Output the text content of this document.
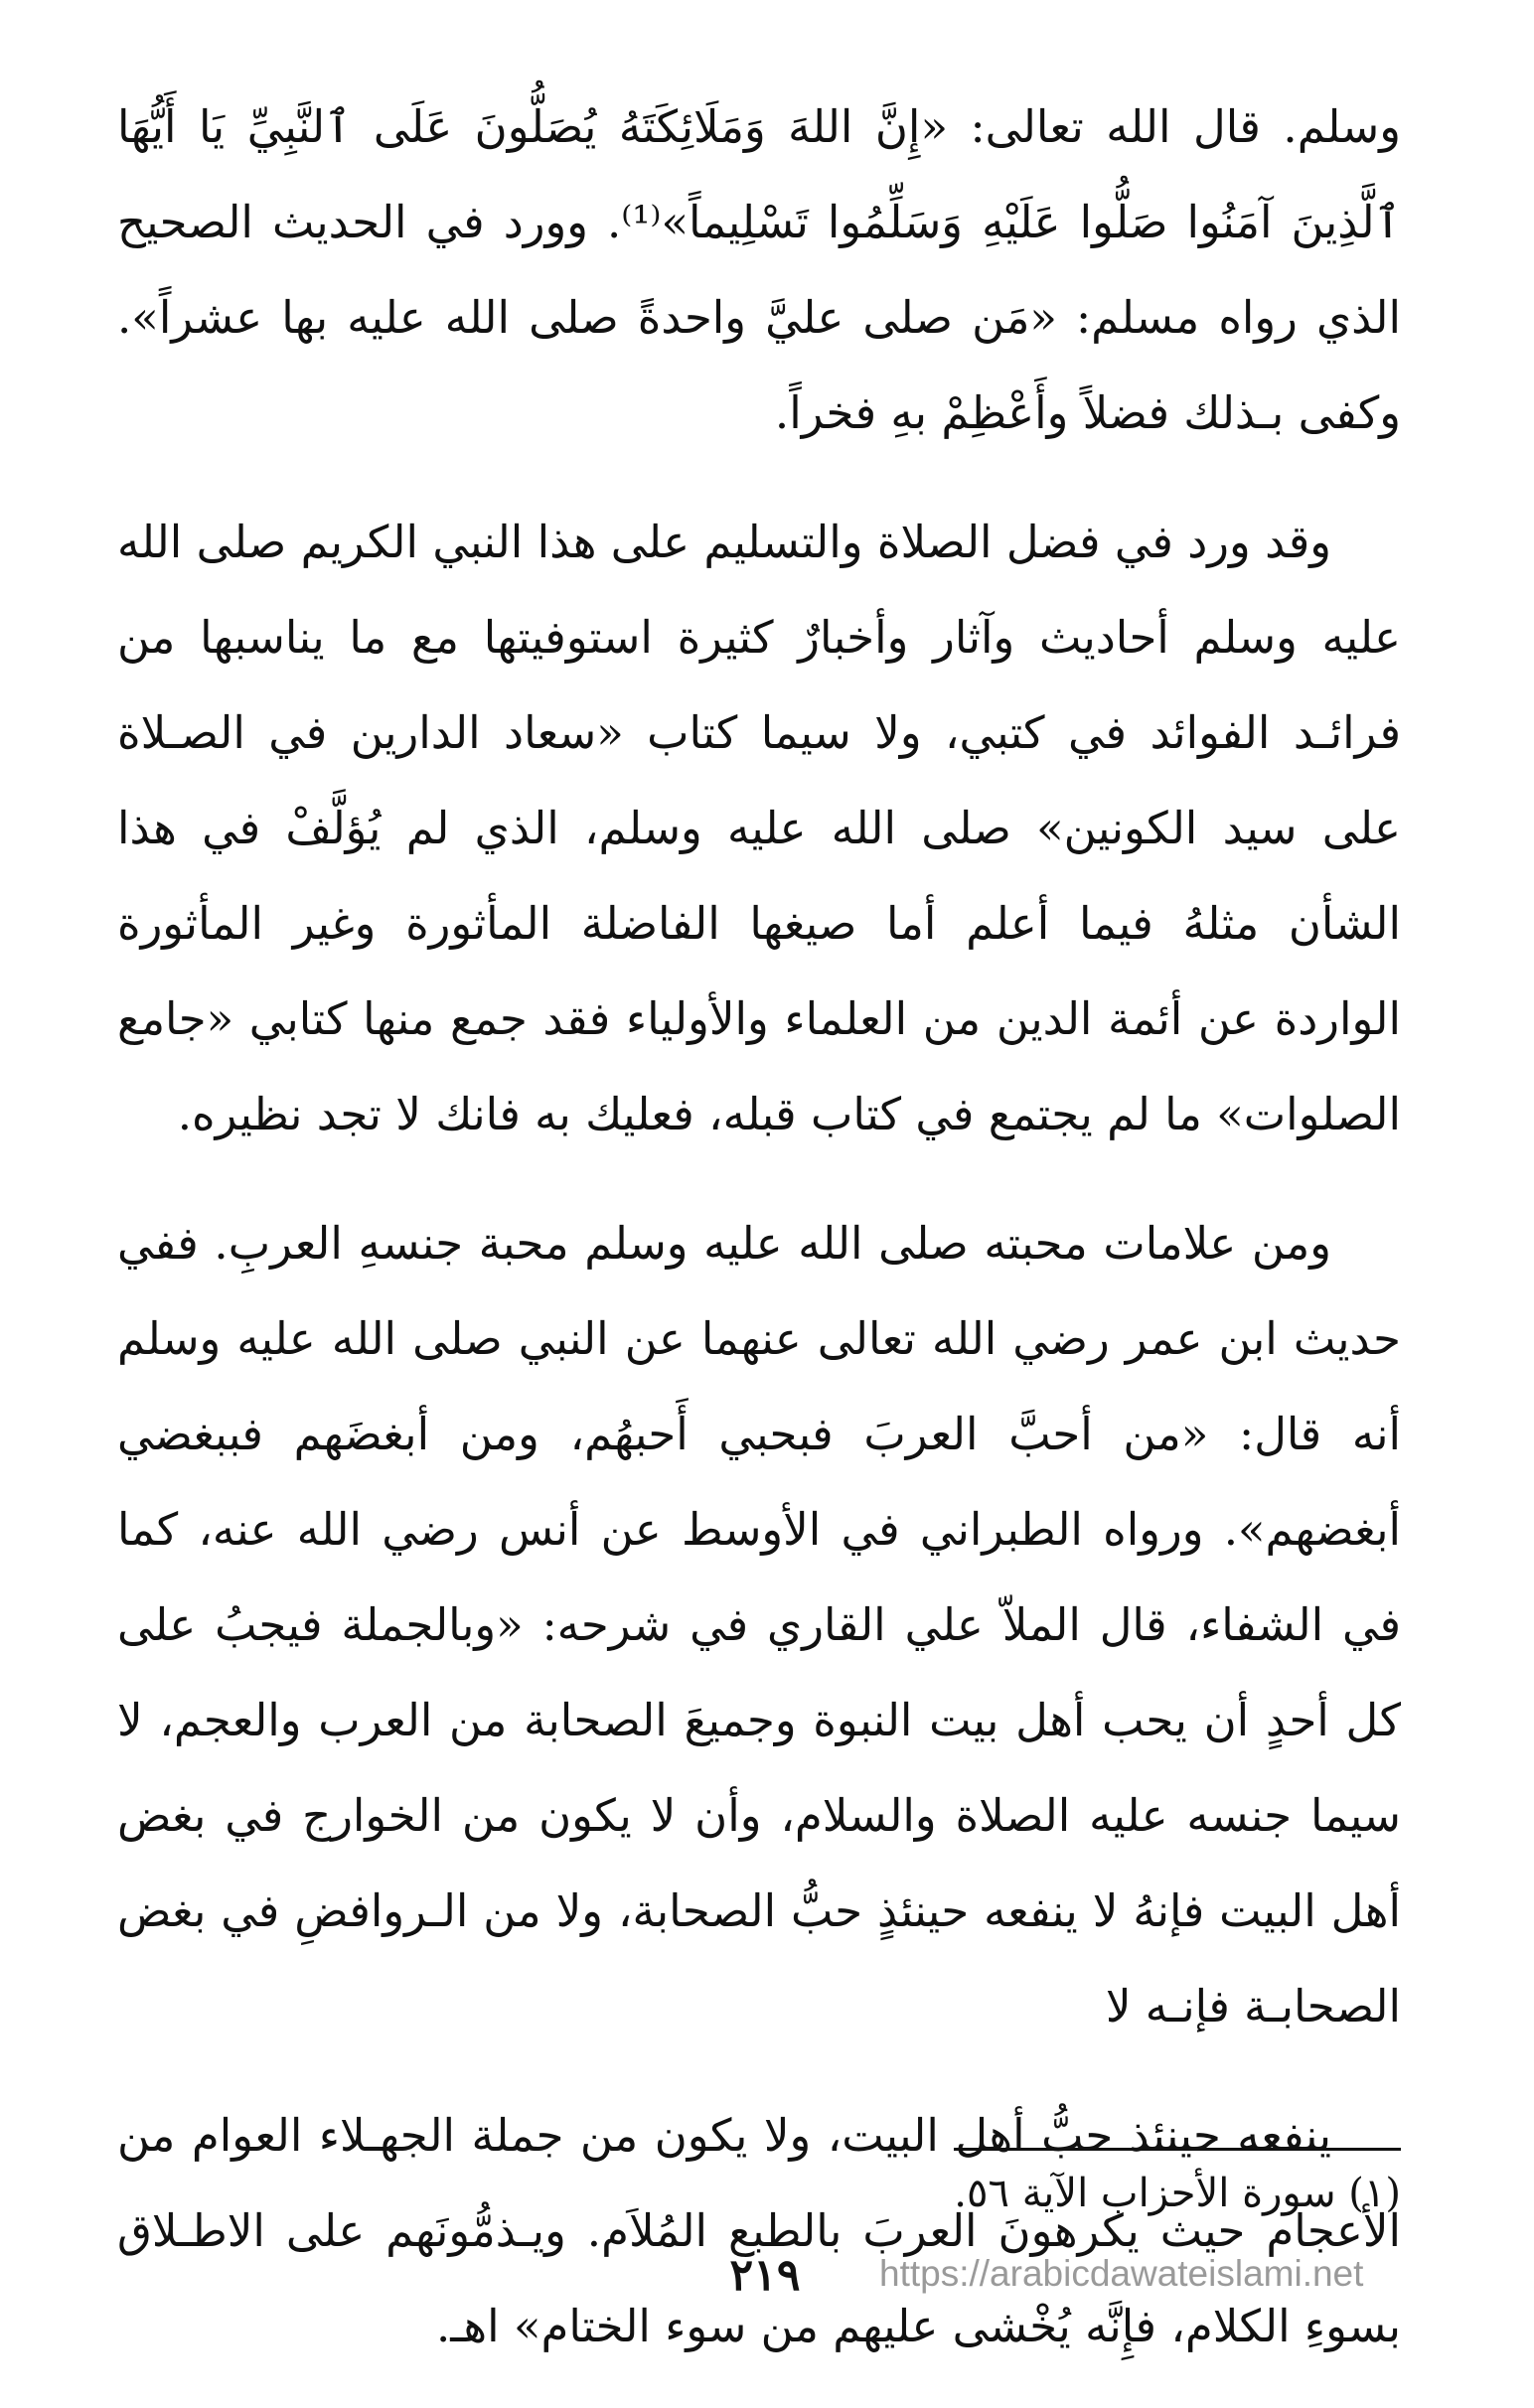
وسلم. قال الله تعالى: «إِنَّ اللهَ وَمَلَائِكَتَهُ يُصَلُّونَ عَلَى ٱلنَّبِيِّ يَا أَيُّهَا ٱلَّذِينَ آمَنُوا صَلُّوا عَلَيْهِ وَسَلِّمُوا تَسْلِيماً»⁽¹⁾. وورد في الحديث الصحيح الذي رواه مسلم: «مَن صلى عليَّ واحدةً صلى الله عليه بها عشراً». وكفى بـذلك فضلاً وأَعْظِمْ بهِ فخراً.

وقد ورد في فضل الصلاة والتسليم على هذا النبي الكريم صلى الله عليه وسلم أحاديث وآثار وأخبارٌ كثيرة استوفيتها مع ما يناسبها من فرائـد الفوائد في كتبي، ولا سيما كتاب «سعاد الدارين في الصـلاة على سيد الكونين» صلى الله عليه وسلم، الذي لم يُؤلَّفْ في هذا الشأن مثلهُ فيما أعلم أما صيغها الفاضلة المأثورة وغير المأثورة الواردة عن أئمة الدين من العلماء والأولياء فقد جمع منها كتابي «جامع الصلوات» ما لم يجتمع في كتاب قبله، فعليك به فانك لا تجد نظيره.

ومن علامات محبته صلى الله عليه وسلم محبة جنسهِ العربِ. ففي حديث ابن عمر رضي الله تعالى عنهما عن النبي صلى الله عليه وسلم أنه قال: «من أحبَّ العربَ فبحبي أَحبهُم، ومن أبغضَهم فببغضي أبغضهم». ورواه الطبراني في الأوسط عن أنس رضي الله عنه، كما في الشفاء، قال الملاّ علي القاري في شرحه: «وبالجملة فيجبُ على كل أحدٍ أن يحب أهل بيت النبوة وجميعَ الصحابة من العرب والعجم، لا سيما جنسه عليه الصلاة والسلام، وأن لا يكون من الخوارج في بغض أهل البيت فإنهُ لا ينفعه حينئذٍ حبُّ الصحابة، ولا من الـروافضِ في بغض الصحابـة فإنـه لا

ينفعه حينئذ حبُّ أهل البيت، ولا يكون من جملة الجهـلاء العوام من الأعجام حيث يكرهونَ العربَ بالطبع المُلاَم. ويـذمُّونَهم على الاطـلاق بسوءِ الكلام، فإِنَّه يُخْشى عليهم من سوء الختام» اهـ.

(١) سورة الأحزاب الآية ٥٦.

٢١٩	https://arabicdawateislami.net
